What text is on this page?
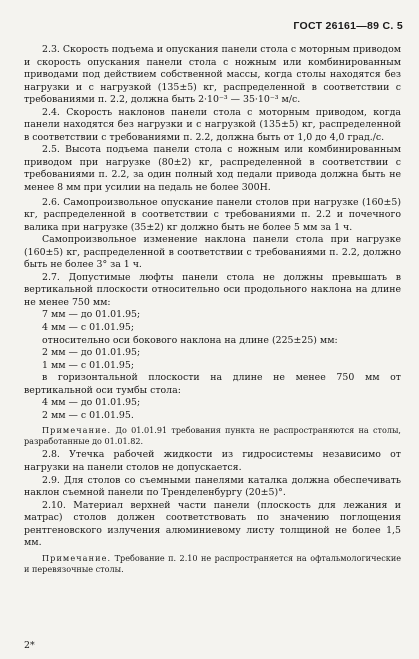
ГОСТ 26161—89 С. 5

2.3. Скорость подъема и опускания панели стола с моторным приводом и скорость опускания панели стола с ножным или комбинированным приводами под действием собственной массы, когда столы находятся без нагрузки и с нагрузкой (135±5) кг, распределенной в соответствии с требованиями п. 2.2, должна быть 2·10⁻³ — 35·10⁻³ м/с.

2.4. Скорость наклонов панели стола с моторным приводом, когда панели находятся без нагрузки и с нагрузкой (135±5) кг, распределенной в соответствии с требованиями п. 2.2, должна быть от 1,0 до 4,0 град./с.

2.5. Высота подъема панели стола с ножным или комбинированным приводом при нагрузке (80±2) кг, распределенной в соответствии с требованиями п. 2.2, за один полный ход педали привода должна быть не менее 8 мм при усилии на педаль не более 300Н.

2.6. Самопроизвольное опускание панели столов при нагрузке (160±5) кг, распределенной в соответствии с требованиями п. 2.2 и почечного валика при нагрузке (35±2) кг должно быть не более 5 мм за 1 ч.

Самопроизвольное изменение наклона панели стола при нагрузке (160±5) кг, распределенной в соответствии с требованиями п. 2.2, должно быть не более 3° за 1 ч.

2.7. Допустимые люфты панели стола не должны превышать в вертикальной плоскости относительно оси продольного наклона на длине не менее 750 мм:

7 мм — до 01.01.95;

4 мм — с 01.01.95;

относительно оси бокового наклона на длине (225±25) мм:

2 мм — до 01.01.95;

1 мм — с 01.01.95;

в горизонтальной плоскости на длине не менее 750 мм от вертикальной оси тумбы стола:

4 мм — до 01.01.95;

2 мм — с 01.01.95.

Примечание. До 01.01.91 требования пункта не распространяются на столы, разработанные до 01.01.82.

2.8. Утечка рабочей жидкости из гидросистемы независимо от нагрузки на панели столов не допускается.

2.9. Для столов со съемными панелями каталка должна обеспечивать наклон съемной панели по Тренделенбургу (20±5)°.

2.10. Материал верхней части панели (плоскость для лежания и матрас) столов должен соответствовать по значению поглощения рентгеновского излучения алюминиевому листу толщиной не более 1,5 мм.

Примечание. Требование п. 2.10 не распространяется на офтальмологические и перевязочные столы.

2*
